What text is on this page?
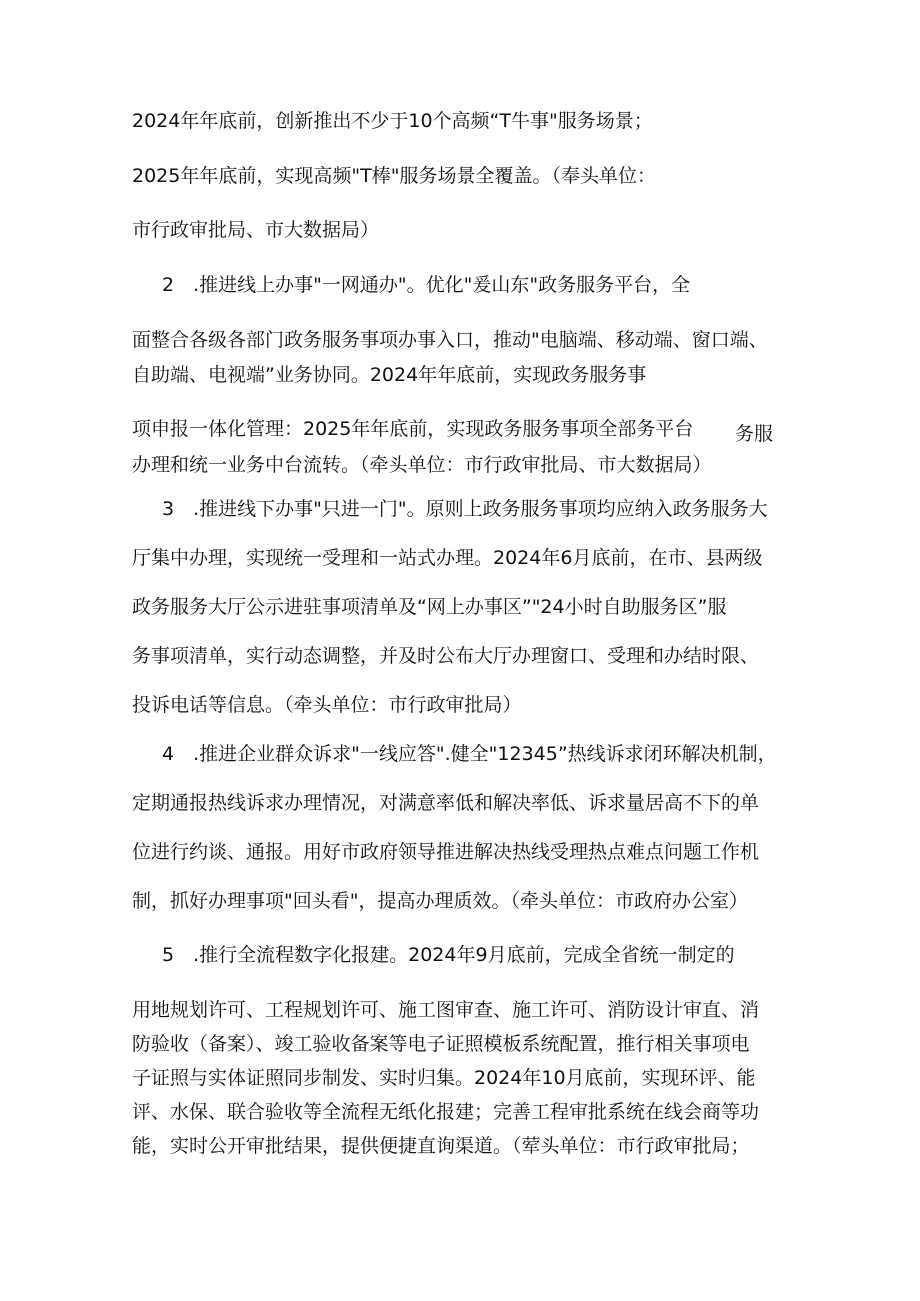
2024年年底前，创新推出不少于10个高频“T牛事"服务场景；
2025年年底前，实现高频"T棒"服务场景全覆盖。（奉头单位：
市行政审批局、市大数据局）
2　.推进线上办事"一网通办"。优化"爰山东"政务服务平台，全
面整合各级各部门政务服务事项办事入口，推动"电脑端、移动端、窗口端、
自助端、电视端”业务协同。2024年年底前，实现政务服务事
项申报一体化管理：2025年年底前，实现政务服务事项全部务平台 务服
办理和统一业务中台流转。（牵头单位：市行政审批局、市大数据局）
3　.推进线下办事"只进一门"。原则上政务服务事项均应纳入政务服务大
厅集中办理，实现统一受理和一站式办理。2024年6月底前，在市、县两级
政务服务大厅公示进驻事项清单及“网上办事区”"24小时自助服务区”服
务事项清单，实行动态调整，并及时公布大厅办理窗口、受理和办结时限、
投诉电话等信息。（牵头单位：市行政审批局）
4　.推进企业群众诉求"一线应答".健全"12345”热线诉求闭环解决机制，
定期通报热线诉求办理情况，对满意率低和解决率低、诉求量居高不下的单
位进行约谈、通报。用好市政府领导推进解决热线受理热点难点问题工作机
制，抓好办理事项"回头看"，提高办理质效。（牵头单位：市政府办公室）
5　.推行全流程数字化报建。2024年9月底前，完成全省统一制定的
用地规划许可、工程规划许可、施工图审查、施工许可、消防设计审直、消
防验收（备案）、竣工验收备案等电子证照模板系统配置，推行相关事项电
子证照与实体证照同步制发、实时归集。2024年10月底前，实现环评、能
评、水保、联合验收等全流程无纸化报建；完善工程审批系统在线会商等功
能，实时公开审批结果，提供便捷直询渠道。（荤头单位：市行政审批局；
